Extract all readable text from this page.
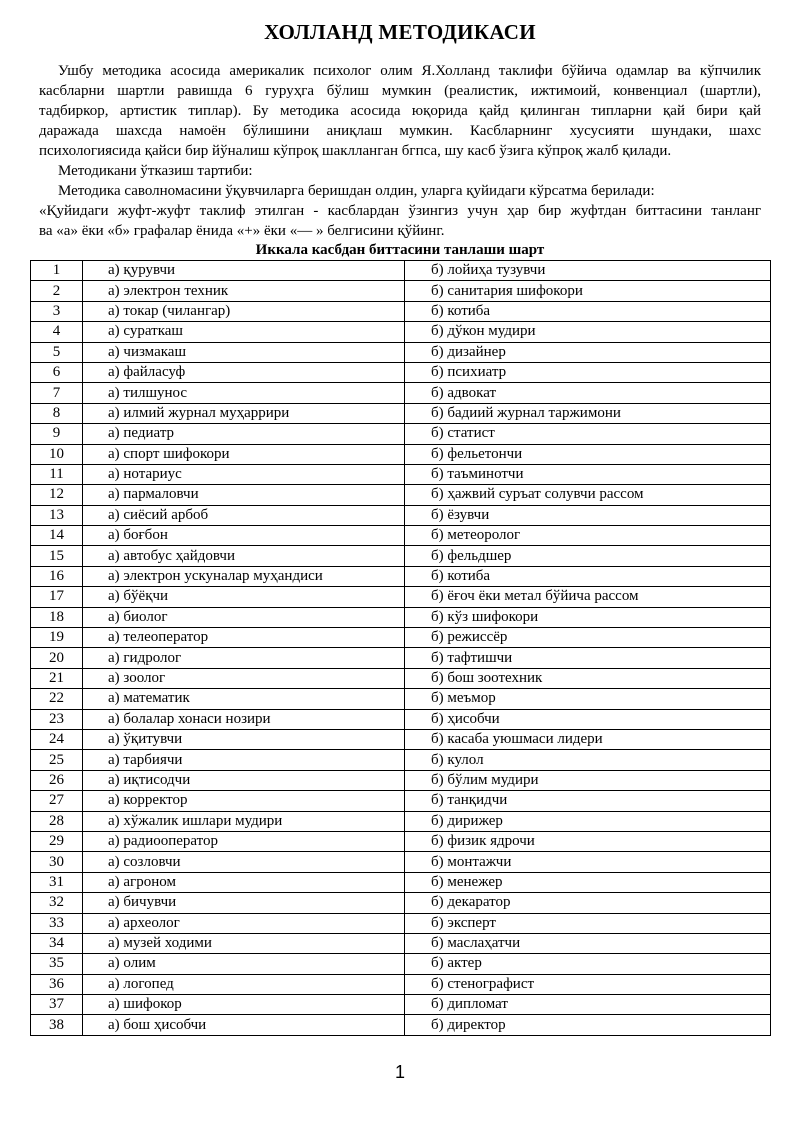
ХОЛЛАНД МЕТОДИКАСИ

Ушбу методика асосида америкалик психолог олим Я.Холланд таклифи бўйича одамлар ва кўпчилик

касбларни шартли равишда 6 гуруҳга бўлиш мумкин (реалистик, ижтимоий, конвенциал (шартли),

тадбиркор, артистик типлар). Бу методика асосида юқорида қайд қилинган типларни қай бири қай

даражада шахсда намоён бўлишини аниқлаш мумкин. Касбларнинг хусусияти шундаки, шахс

психологиясида қайси бир йўналиш кўпроқ шаклланган бгпса, шу касб ўзига кўпроқ жалб қилади.

Методикани ўтказиш тартиби:

Методика саволномасини ўқувчиларга беришдан олдин, уларга қуйидаги кўрсатма берилади:

«Қуйидаги жуфт-жуфт таклиф этилган - касблардан ўзингиз учун ҳар бир жуфтдан биттасини танланг

ва «а» ёки «б» графалар ёнида «+» ёки «— » белгисини қўйинг.

Иккала касбдан биттасини танлаши шарт
1	а) қурувчи	б) лойиҳа тузувчи
2	а) электрон техник	б) санитария шифокори
3	а) токар (чилангар)	б) котиба
4	а) сураткаш	б) дўкон мудири
5	а) чизмакаш	б) дизайнер
6	а) файласуф	б) психиатр
7	а) тилшунос	б) адвокат
8	а) илмий журнал муҳаррири	б) бадиий журнал таржимони
9	а) педиатр	б) статист
10	а) спорт шифокори	б) фельетончи
11	а) нотариус	б) таъминотчи
12	а) пармаловчи	б) ҳажвий суръат солувчи рассом
13	а) сиёсий арбоб	б) ёзувчи
14	а) боғбон	б) метеоролог
15	а) автобус ҳайдовчи	б) фельдшер
16	а) электрон ускуналар муҳандиси	б) котиба
17	а) бўёқчи	б) ёғоч ёки метал бўйича рассом
18	а) биолог	б) кўз шифокори
19	а) телеоператор	б) режиссёр
20	а) гидролог	б) тафтишчи
21	а) зоолог	б) бош зоотехник
22	а) математик	б) меъмор
23	а) болалар хонаси нозири	б) ҳисобчи
24	а) ўқитувчи	б) касаба уюшмаси лидери
25	а) тарбиячи	б) кулол
26	а) иқтисодчи	б) бўлим мудири
27	а) корректор	б) танқидчи
28	а) хўжалик ишлари мудири	б) дирижер
29	а) радиооператор	б) физик ядрочи
30	а) созловчи	б) монтажчи
31	а) агроном	б) менежер
32	а) бичувчи	б) декаратор
33	а) археолог	б) эксперт
34	а) музей ходими	б) маслаҳатчи
35	а) олим	б) актер
36	а) логопед	б) стенографист
37	а) шифокор	б) дипломат
38	а) бош ҳисобчи	б) директор
1
